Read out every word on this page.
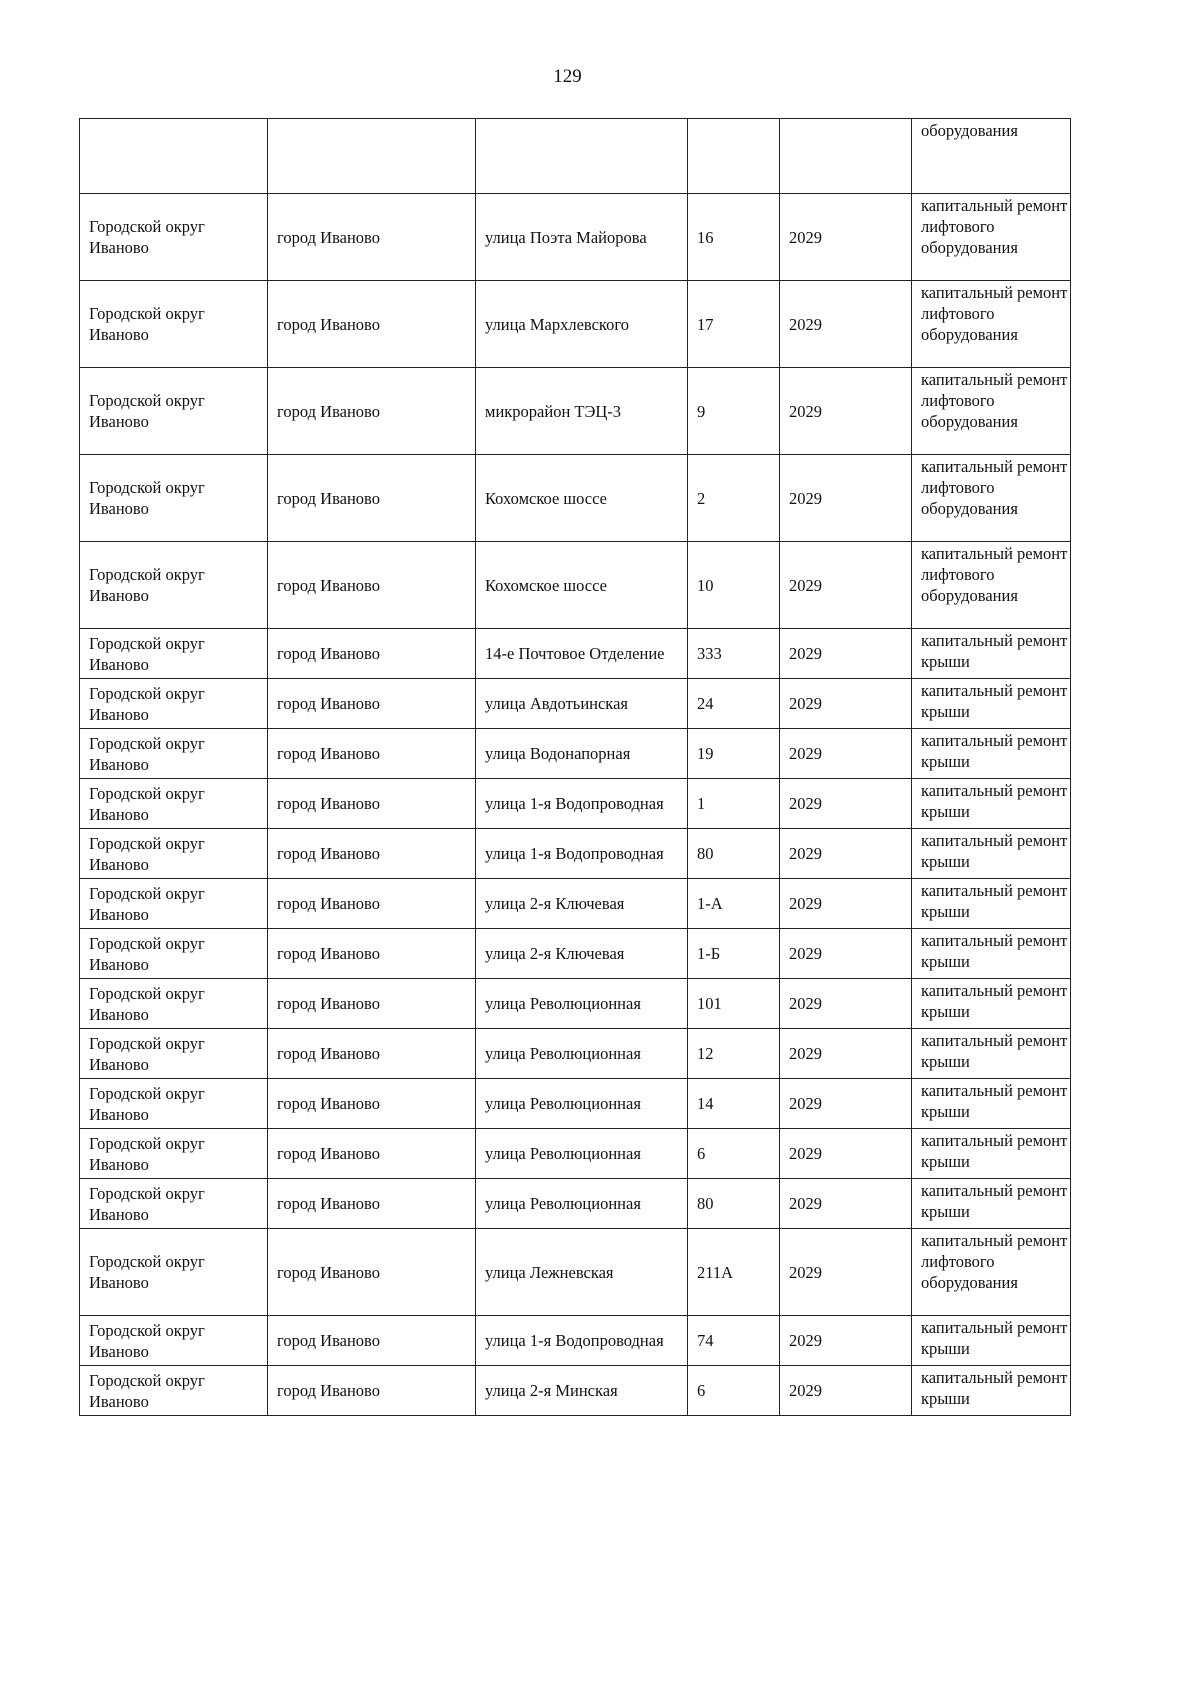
129
					оборудования
Городской округ Иваново	город Иваново	улица Поэта Майорова	16	2029	капитальный ремонт лифтового оборудования
Городской округ Иваново	город Иваново	улица Мархлевского	17	2029	капитальный ремонт лифтового оборудования
Городской округ Иваново	город Иваново	микрорайон ТЭЦ-3	9	2029	капитальный ремонт лифтового оборудования
Городской округ Иваново	город Иваново	Кохомское шоссе	2	2029	капитальный ремонт лифтового оборудования
Городской округ Иваново	город Иваново	Кохомское шоссе	10	2029	капитальный ремонт лифтового оборудования
Городской округ Иваново	город Иваново	14-е Почтовое Отделение	333	2029	капитальный ремонт крыши
Городской округ Иваново	город Иваново	улица Авдотьинская	24	2029	капитальный ремонт крыши
Городской округ Иваново	город Иваново	улица Водонапорная	19	2029	капитальный ремонт крыши
Городской округ Иваново	город Иваново	улица 1-я Водопроводная	1	2029	капитальный ремонт крыши
Городской округ Иваново	город Иваново	улица 1-я Водопроводная	80	2029	капитальный ремонт крыши
Городской округ Иваново	город Иваново	улица 2-я Ключевая	1-А	2029	капитальный ремонт крыши
Городской округ Иваново	город Иваново	улица 2-я Ключевая	1-Б	2029	капитальный ремонт крыши
Городской округ Иваново	город Иваново	улица Революционная	101	2029	капитальный ремонт крыши
Городской округ Иваново	город Иваново	улица Революционная	12	2029	капитальный ремонт крыши
Городской округ Иваново	город Иваново	улица Революционная	14	2029	капитальный ремонт крыши
Городской округ Иваново	город Иваново	улица Революционная	6	2029	капитальный ремонт крыши
Городской округ Иваново	город Иваново	улица Революционная	80	2029	капитальный ремонт крыши
Городской округ Иваново	город Иваново	улица Лежневская	211А	2029	капитальный ремонт лифтового оборудования
Городской округ Иваново	город Иваново	улица 1-я Водопроводная	74	2029	капитальный ремонт крыши
Городской округ Иваново	город Иваново	улица 2-я Минская	6	2029	капитальный ремонт крыши
